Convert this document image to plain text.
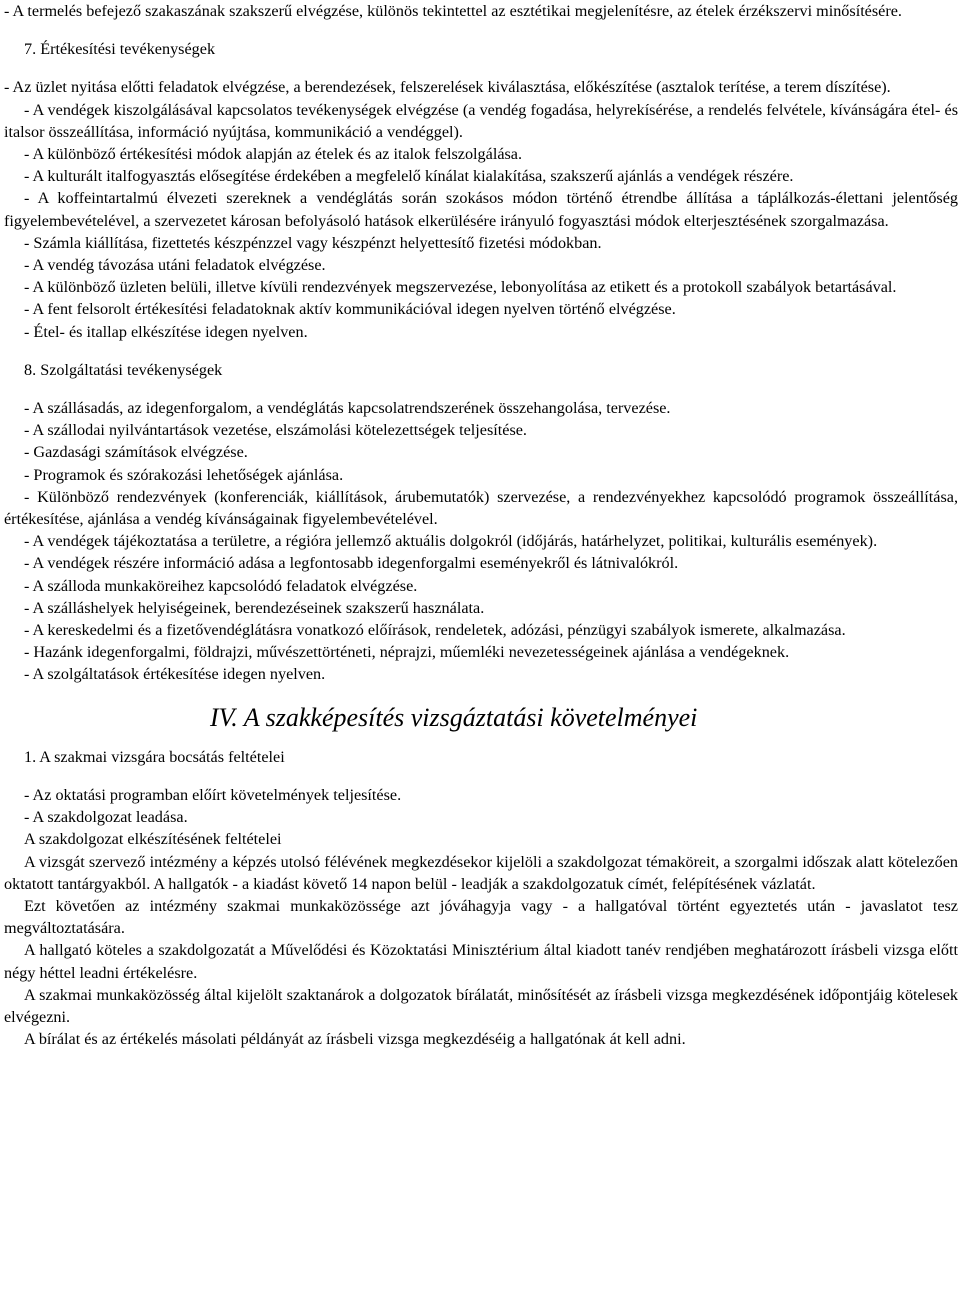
- A termelés befejező szakaszának szakszerű elvégzése, különös tekintettel az esztétikai megjelenítésre, az ételek érzékszervi minősítésére.

7. Értékesítési tevékenységek

- Az üzlet nyitása előtti feladatok elvégzése, a berendezések, felszerelések kiválasztása, előkészítése (asztalok terítése, a terem díszítése).

- A vendégek kiszolgálásával kapcsolatos tevékenységek elvégzése (a vendég fogadása, helyrekísérése, a rendelés felvétele, kívánságára étel- és italsor összeállítása, információ nyújtása, kommunikáció a vendéggel).

- A különböző értékesítési módok alapján az ételek és az italok felszolgálása.

- A kulturált italfogyasztás elősegítése érdekében a megfelelő kínálat kialakítása, szakszerű ajánlás a vendégek részére.

- A koffeintartalmú élvezeti szereknek a vendéglátás során szokásos módon történő étrendbe állítása a táplálkozás-élettani jelentőség figyelembevételével, a szervezetet károsan befolyásoló hatások elkerülésére irányuló fogyasztási módok elterjesztésének szorgalmazása.

- Számla kiállítása, fizettetés készpénzzel vagy készpénzt helyettesítő fizetési módokban.

- A vendég távozása utáni feladatok elvégzése.

- A különböző üzleten belüli, illetve kívüli rendezvények megszervezése, lebonyolítása az etikett és a protokoll szabályok betartásával.

- A fent felsorolt értékesítési feladatoknak aktív kommunikációval idegen nyelven történő elvégzése.

- Étel- és itallap elkészítése idegen nyelven.

8. Szolgáltatási tevékenységek

- A szállásadás, az idegenforgalom, a vendéglátás kapcsolatrendszerének összehangolása, tervezése.

- A szállodai nyilvántartások vezetése, elszámolási kötelezettségek teljesítése.

- Gazdasági számítások elvégzése.

- Programok és szórakozási lehetőségek ajánlása.

- Különböző rendezvények (konferenciák, kiállítások, árubemutatók) szervezése, a rendezvényekhez kapcsolódó programok összeállítása, értékesítése, ajánlása a vendég kívánságainak figyelembevételével.

- A vendégek tájékoztatása a területre, a régióra jellemző aktuális dolgokról (időjárás, határhelyzet, politikai, kulturális események).

- A vendégek részére információ adása a legfontosabb idegenforgalmi eseményekről és látnivalókról.

- A szálloda munkaköreihez kapcsolódó feladatok elvégzése.

- A szálláshelyek helyiségeinek, berendezéseinek szakszerű használata.

- A kereskedelmi és a fizetővendéglátásra vonatkozó előírások, rendeletek, adózási, pénzügyi szabályok ismerete, alkalmazása.

- Hazánk idegenforgalmi, földrajzi, művészettörténeti, néprajzi, műemléki nevezetességeinek ajánlása a vendégeknek.

- A szolgáltatások értékesítése idegen nyelven.

IV. A szakképesítés vizsgáztatási követelményei

1. A szakmai vizsgára bocsátás feltételei

- Az oktatási programban előírt követelmények teljesítése.

- A szakdolgozat leadása.

A szakdolgozat elkészítésének feltételei

A vizsgát szervező intézmény a képzés utolsó félévének megkezdésekor kijelöli a szakdolgozat témaköreit, a szorgalmi időszak alatt kötelezően oktatott tantárgyakból. A hallgatók - a kiadást követő 14 napon belül - leadják a szakdolgozatuk címét, felépítésének vázlatát.

Ezt követően az intézmény szakmai munkaközössége azt jóváhagyja vagy - a hallgatóval történt egyeztetés után - javaslatot tesz megváltoztatására.

A hallgató köteles a szakdolgozatát a Művelődési és Közoktatási Minisztérium által kiadott tanév rendjében meghatározott írásbeli vizsga előtt négy héttel leadni értékelésre.

A szakmai munkaközösség által kijelölt szaktanárok a dolgozatok bírálatát, minősítését az írásbeli vizsga megkezdésének időpontjáig kötelesek elvégezni.

A bírálat és az értékelés másolati példányát az írásbeli vizsga megkezdéséig a hallgatónak át kell adni.
